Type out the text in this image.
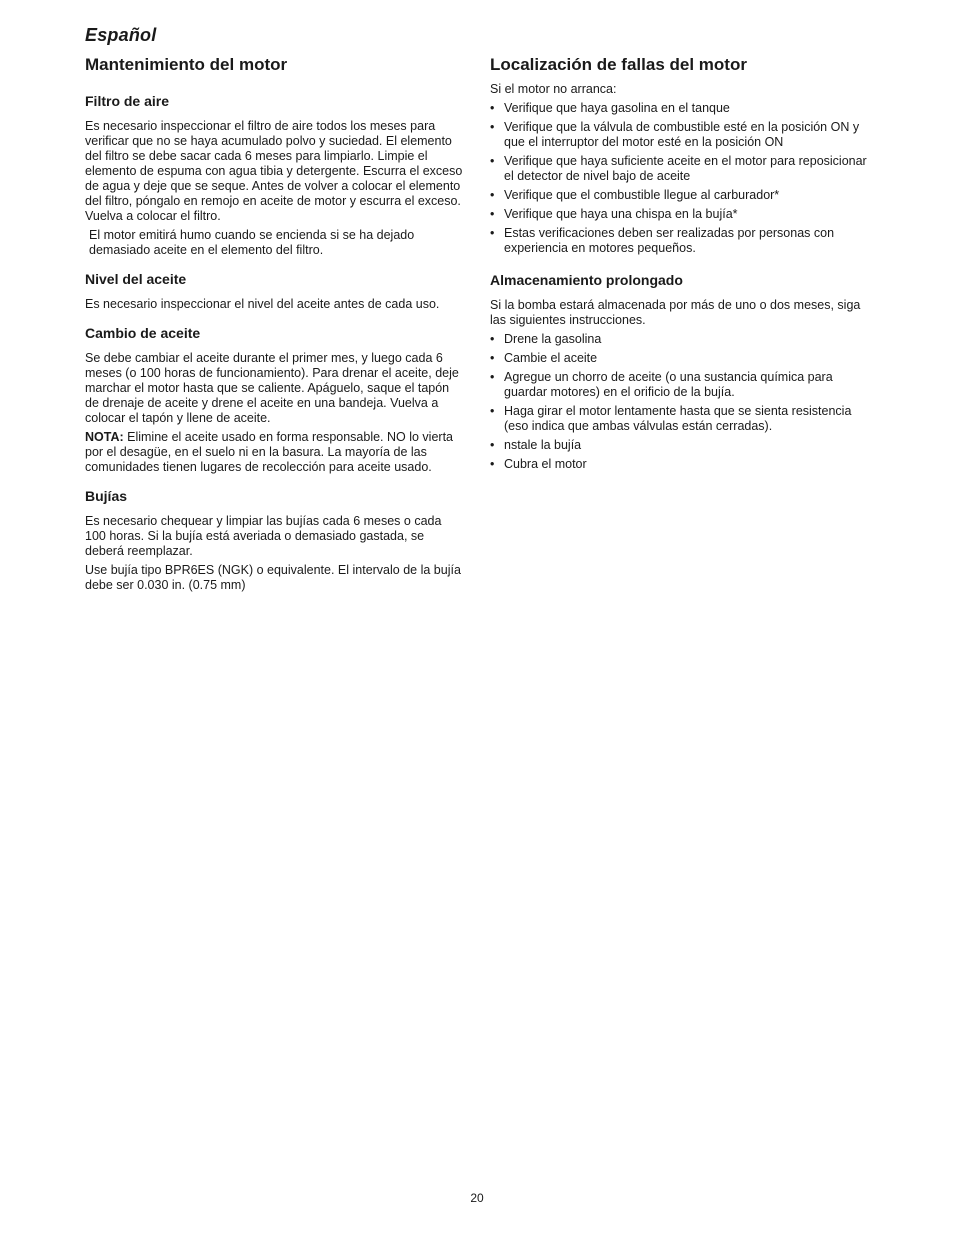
Español
Mantenimiento del motor
Filtro de aire

Es necesario inspeccionar el filtro de aire todos los meses para verificar que no se haya acumulado polvo y suciedad. El elemento del filtro se debe sacar cada 6 meses para limpiarlo. Limpie el elemento de espuma con agua tibia y detergente. Escurra el exceso de agua y deje que se seque. Antes de volver a colocar el elemento del filtro, póngalo en remojo en aceite de motor y escurra el exceso. Vuelva a colocar el filtro.

El motor emitirá humo cuando se encienda si se ha dejado demasiado aceite en el elemento del filtro.

Nivel del aceite

Es necesario inspeccionar el nivel del aceite antes de cada uso.

Cambio de aceite

Se debe cambiar el aceite durante el primer mes, y luego cada 6 meses (o 100 horas de funcionamiento). Para drenar el aceite, deje marchar el motor hasta que se caliente. Apáguelo, saque el tapón de drenaje de aceite y drene el aceite en una bandeja. Vuelva a colocar el tapón y llene de aceite.

NOTA: Elimine el aceite usado en forma responsable. NO lo vierta por el desagüe, en el suelo ni en la basura. La mayoría de las comunidades tienen lugares de recolección para aceite usado.

Bujías

Es necesario chequear y limpiar las bujías cada 6 meses o cada 100 horas. Si la bujía está averiada o demasiado gastada, se deberá reemplazar.

Use bujía tipo BPR6ES (NGK) o equivalente. El intervalo de la bujía debe ser 0.030 in. (0.75 mm)

Localización de fallas del motor

Si el motor no arranca:

• Verifique que haya gasolina en el tanque
• Verifique que la válvula de combustible esté en la posición ON y que el interruptor del motor esté en la posición ON
• Verifique que haya suficiente aceite en el motor para reposicionar el detector de nivel bajo de aceite
• Verifique que el combustible llegue al carburador*
• Verifique que haya una chispa en la bujía*
• Estas verificaciones deben ser realizadas por personas con experiencia en motores pequeños.
Almacenamiento prolongado

Si la bomba estará almacenada por más de uno o dos meses, siga las siguientes instrucciones.

• Drene la gasolina
• Cambie el aceite
• Agregue un chorro de aceite (o una sustancia química para guardar motores) en el orificio de la bujía.
• Haga girar el motor lentamente hasta que se sienta resistencia (eso indica que ambas válvulas están cerradas).
• nstale la bujía
• Cubra el motor
20
